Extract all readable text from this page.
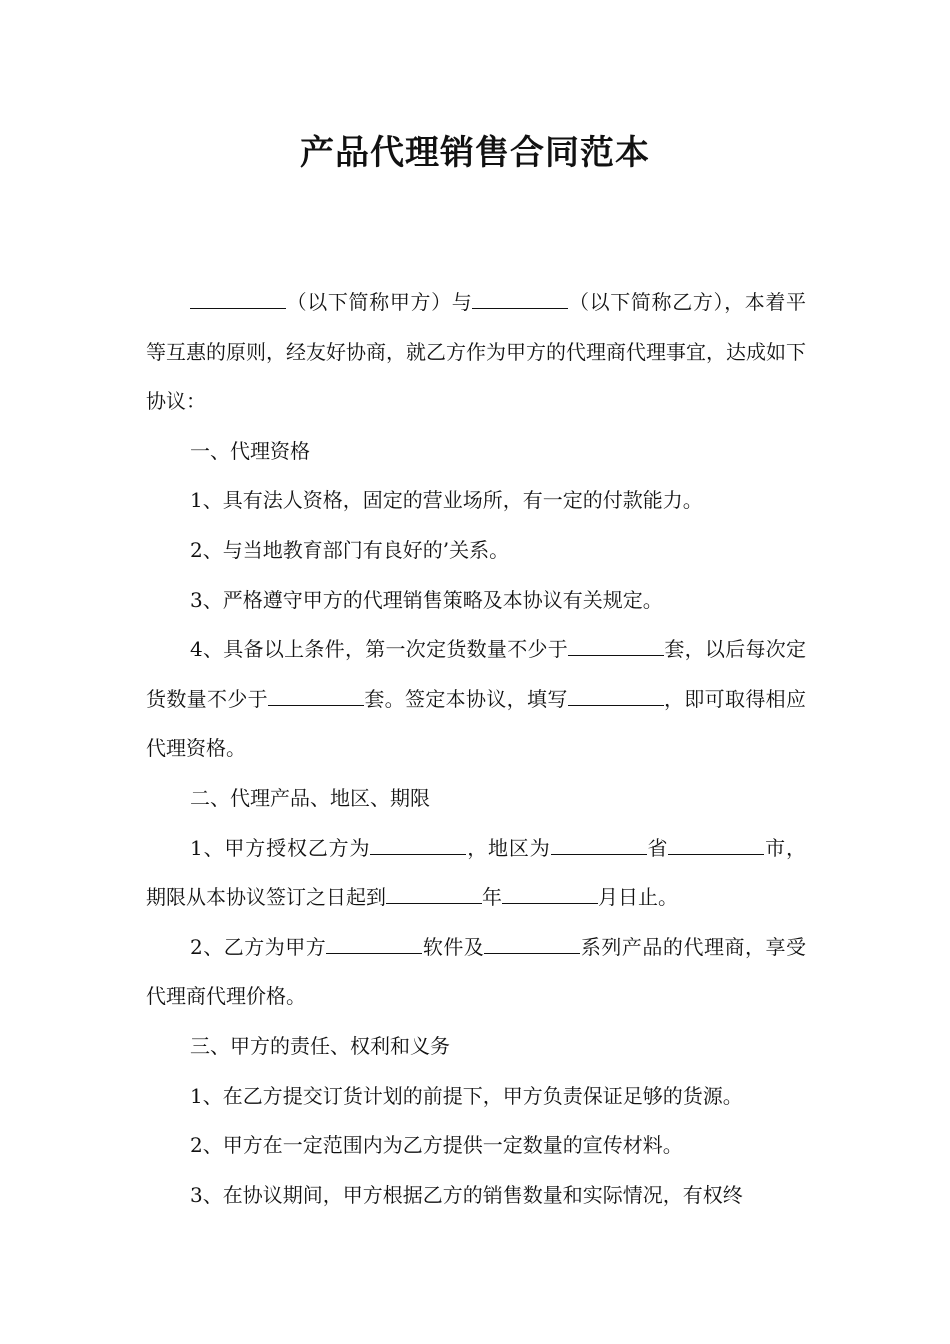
产品代理销售合同范本

（以下简称甲方）与	（以下简称乙方），本着平等互惠的原则，经友好协商，就乙方作为甲方的代理商代理事宜，达成如下协议：

一、代理资格

1、具有法人资格，固定的营业场所，有一定的付款能力。

2、与当地教育部门有良好的’关系。

3、严格遵守甲方的代理销售策略及本协议有关规定。

4、具备以上条件，第一次定货数量不少于	套，以后每次定货数量不少于	套。签定本协议，填写	，即可取得相应代理资格。

二、代理产品、地区、期限

1、甲方授权乙方为	，地区为	省	市，期限从本协议签订之日起到	年	月日止。

2、乙方为甲方	软件及	系列产品的代理商，享受代理商代理价格。

三、甲方的责任、权利和义务

1、在乙方提交订货计划的前提下，甲方负责保证足够的货源。

2、甲方在一定范围内为乙方提供一定数量的宣传材料。

3、在协议期间，甲方根据乙方的销售数量和实际情况，有权终
